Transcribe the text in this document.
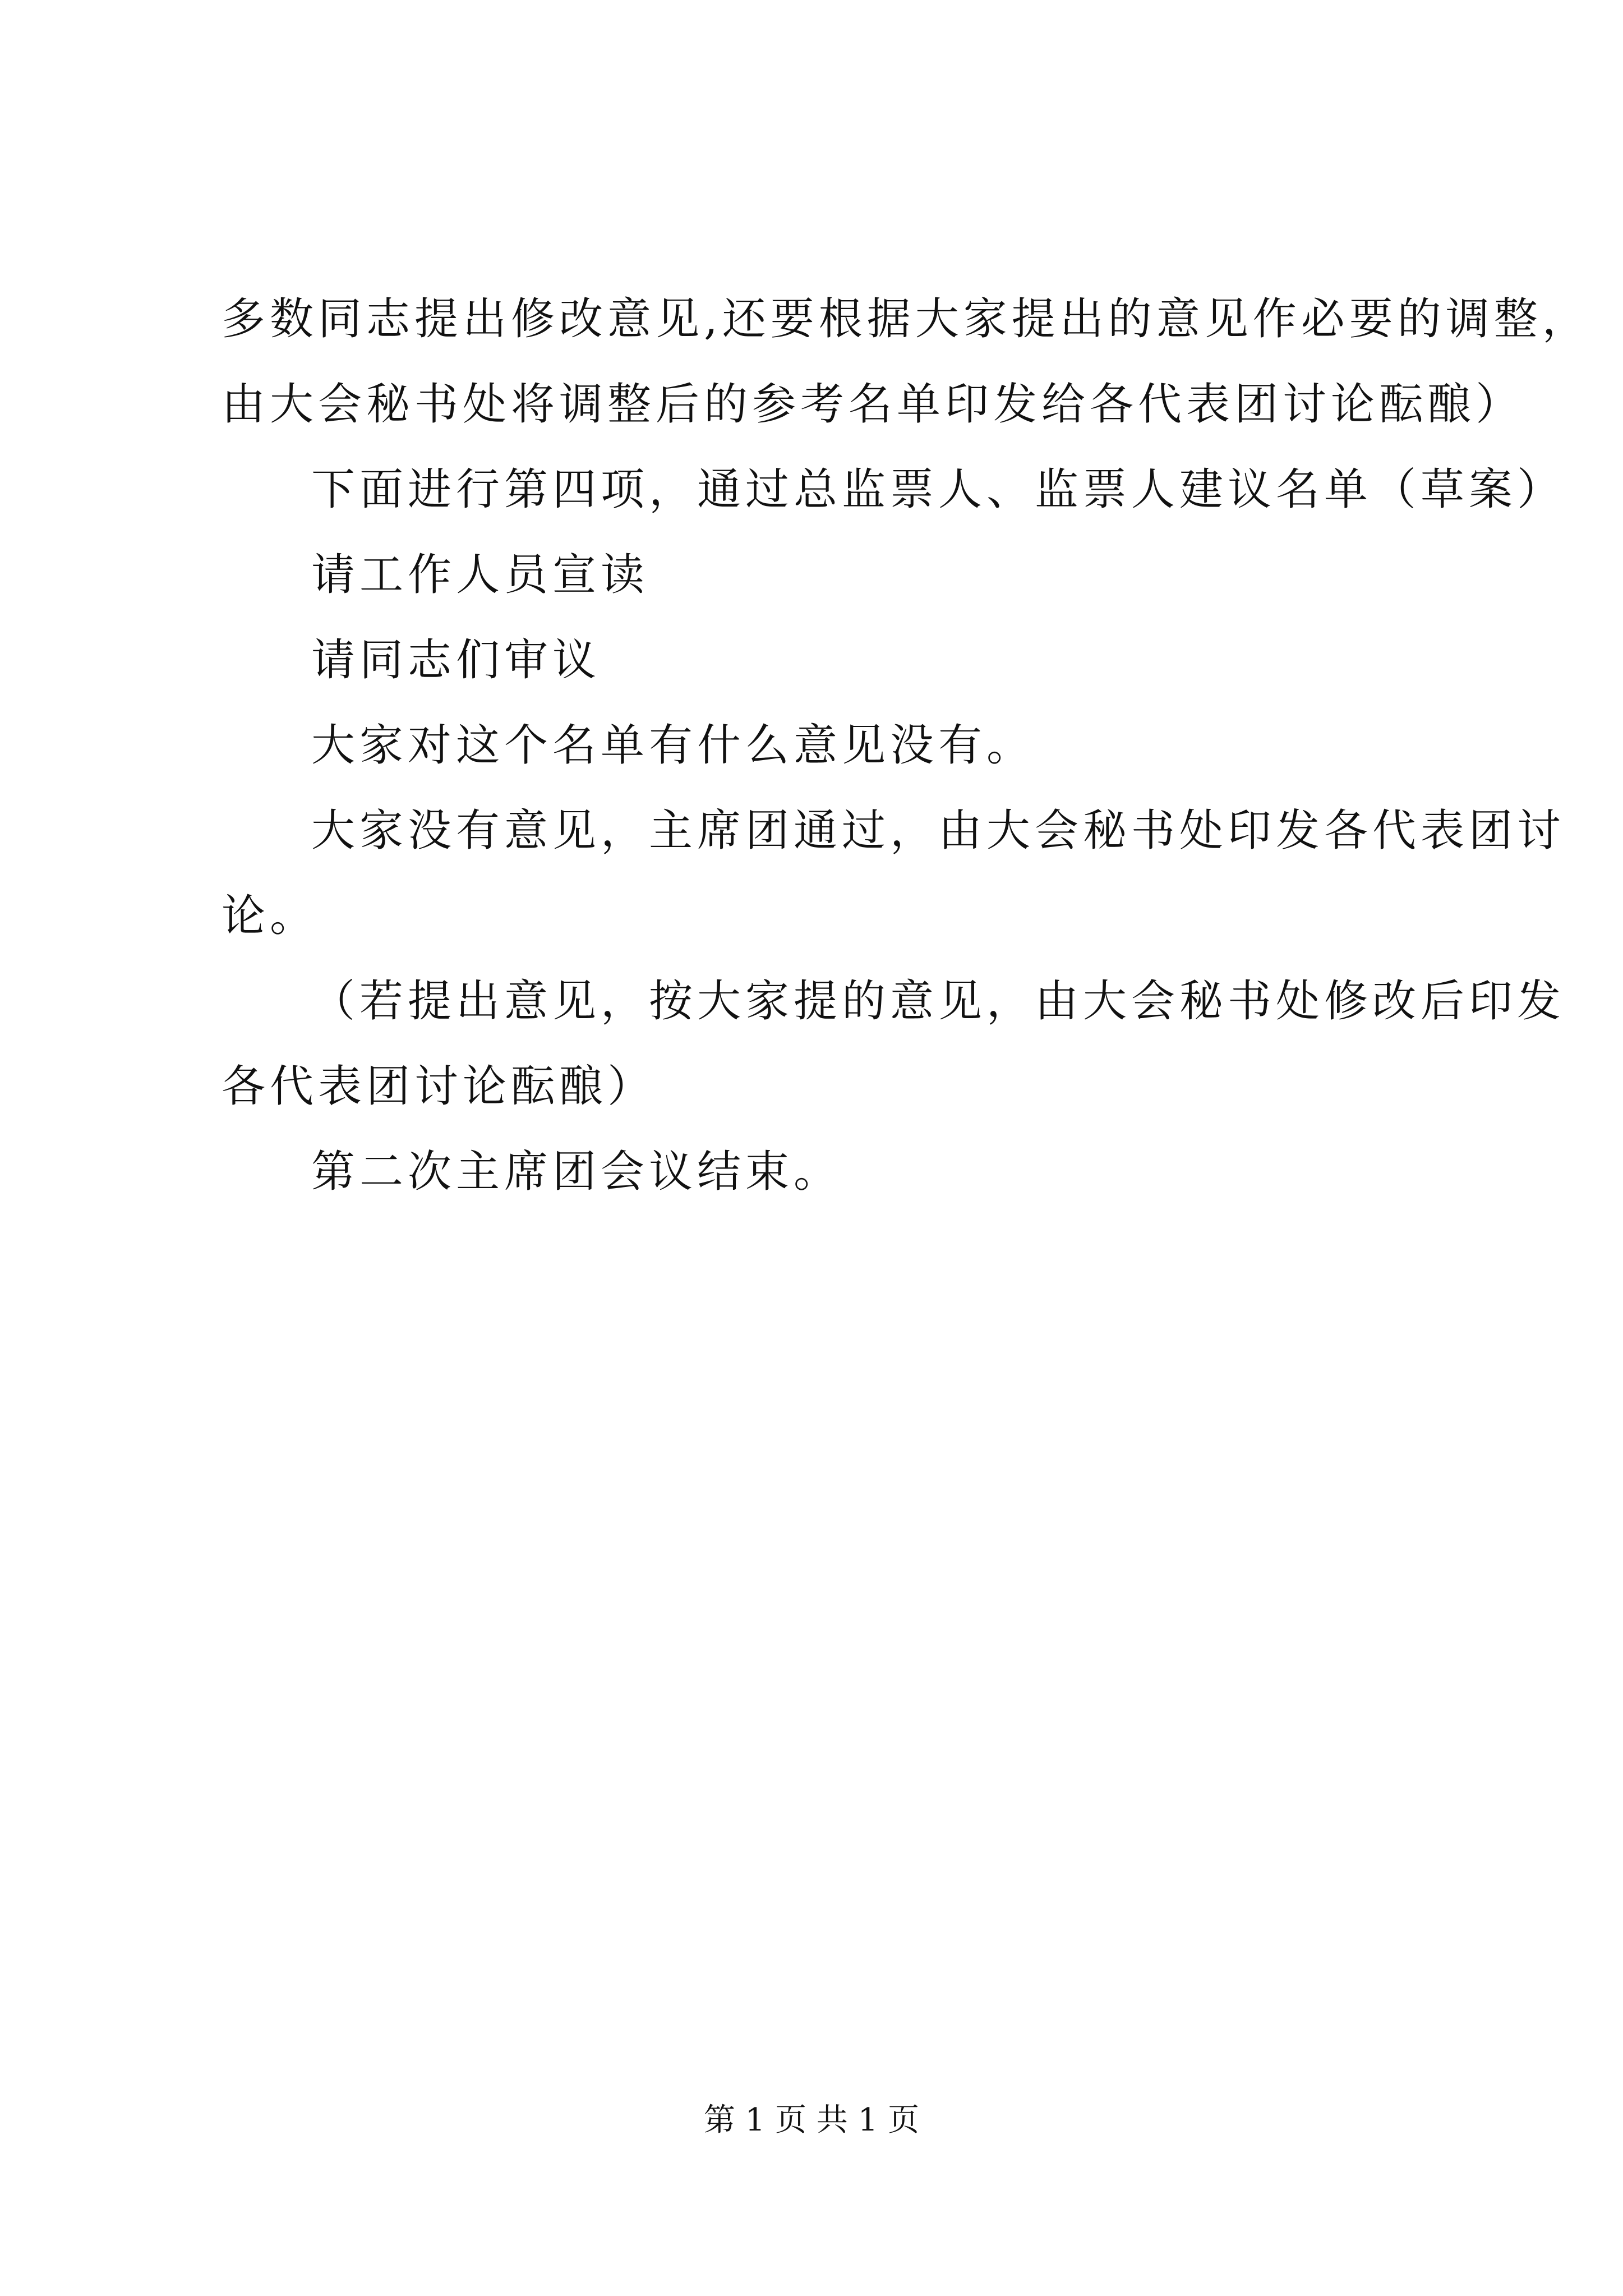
多数同志提出修改意见,还要根据大家提出的意见作必要的调整，
由大会秘书处将调整后的参考名单印发给各代表团讨论酝酿）
下面进行第四项，通过总监票人、监票人建议名单（草案）
请工作人员宣读
请同志们审议
大家对这个名单有什么意见没有。
大家没有意见，主席团通过，由大会秘书处印发各代表团讨
论。
（若提出意见，按大家提的意见，由大会秘书处修改后印发
各代表团讨论酝酿）
第二次主席团会议结束。
第 1 页 共 1 页
